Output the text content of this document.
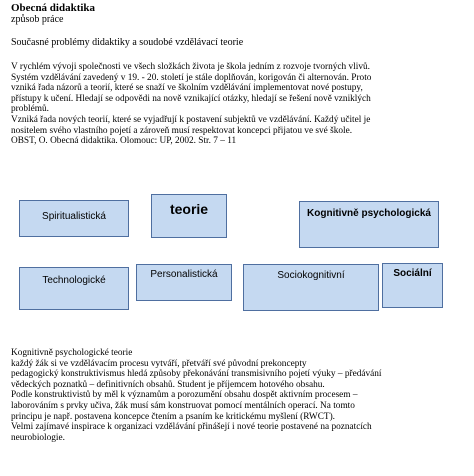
Obecná didaktika
způsob práce
Současné problémy didaktiky a soudobé vzdělávací teorie
V rychlém vývoji společnosti ve všech složkách života je škola jedním z rozvoje tvorných vlivů.
Systém vzdělávání zavedený v 19. - 20. století je stále doplňován, korigován či alternován. Proto
vzniká řada názorů a teorií, které se snaží ve školním vzdělávání implementovat nové postupy,
přístupy k učení. Hledají se odpovědi na nově vznikající otázky, hledají se řešení nově vzniklých
problémů.
Vzniká řada nových teorií, které se vyjadřují k postavení subjektů ve vzdělávání. Každý učitel je
nositelem svého vlastního pojetí a zároveň musí respektovat koncepci přijatou ve své škole.
OBST, O. Obecná didaktika. Olomouc: UP, 2002. Str. 7 – 11
Spiritualistická	teorie	Kognitivně psychologická
Technologické
Personalistická	Sociokognitivní	Sociální
Kognitivně psychologické teorie
každý žák si ve vzdělávacím procesu vytváří, přetváří své původní prekoncepty
pedagogický konstruktivismus hledá způsoby překonávání transmisivního pojetí výuky – předávání
vědeckých poznatků – definitivních obsahů. Student je příjemcem hotového obsahu.
Podle konstruktivistů by měl k významům a porozumění obsahu dospět aktivním procesem –
laborováním s prvky učiva, žák musí sám konstruovat pomocí mentálních operací. Na tomto
principu je např. postavena koncepce čtením a psaním ke kritickému myšlení (RWCT).
Velmi zajímavé inspirace k organizaci vzdělávání přinášejí i nové teorie postavené na poznatcích
neurobiologie.
